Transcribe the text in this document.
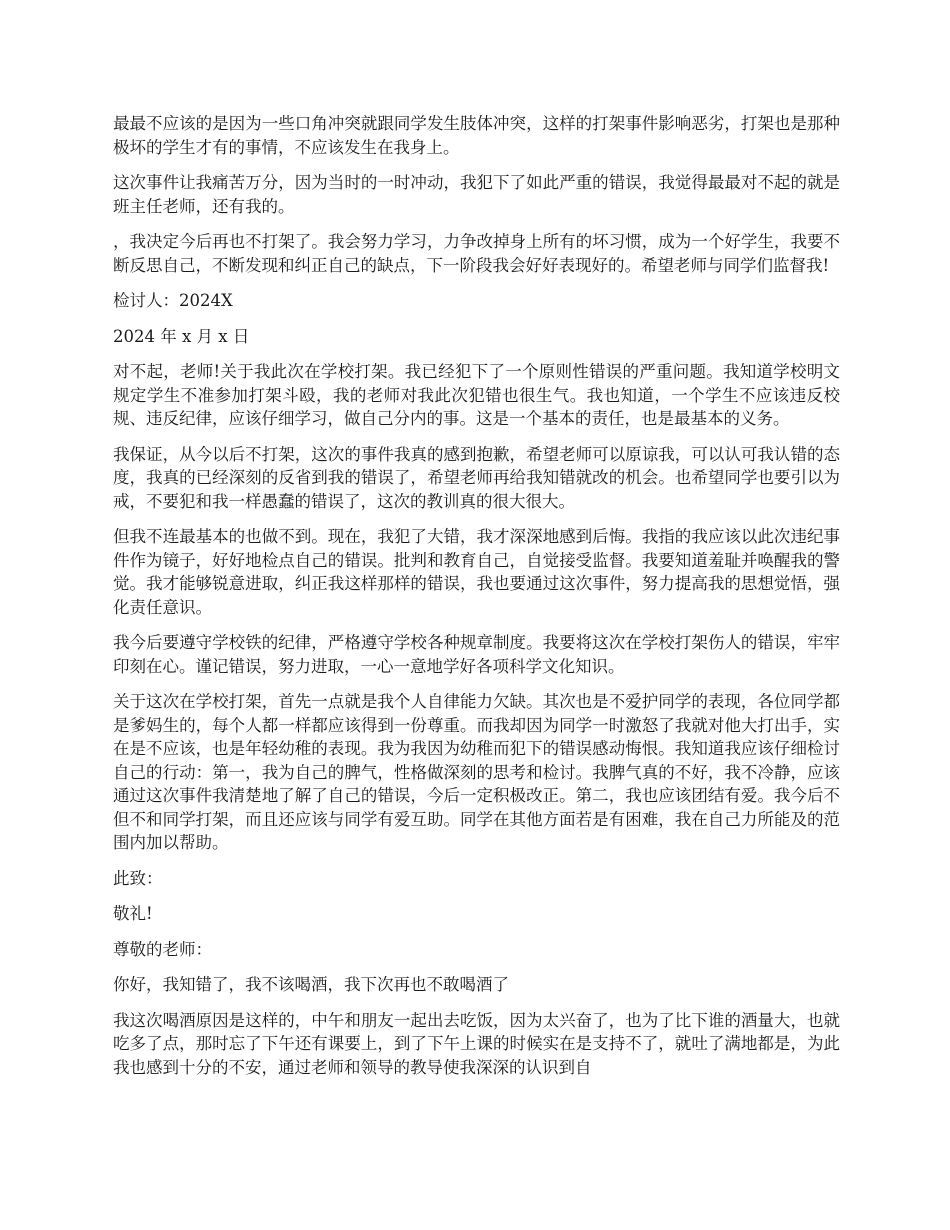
最最不应该的是因为一些口角冲突就跟同学发生肢体冲突，这样的打架事件影响恶劣，打架也是那种极坏的学生才有的事情，不应该发生在我身上。

这次事件让我痛苦万分，因为当时的一时冲动，我犯下了如此严重的错误，我觉得最最对不起的就是班主任老师，还有我的。

，我决定今后再也不打架了。我会努力学习，力争改掉身上所有的坏习惯，成为一个好学生，我要不断反思自己，不断发现和纠正自己的缺点，下一阶段我会好好表现好的。希望老师与同学们监督我!

检讨人：2024X

2024 年 x 月 x 日

对不起，老师!关于我此次在学校打架。我已经犯下了一个原则性错误的严重问题。我知道学校明文规定学生不准参加打架斗殴，我的老师对我此次犯错也很生气。我也知道，一个学生不应该违反校规、违反纪律，应该仔细学习，做自己分内的事。这是一个基本的责任，也是最基本的义务。

我保证，从今以后不打架，这次的事件我真的感到抱歉，希望老师可以原谅我，可以认可我认错的态度，我真的已经深刻的反省到我的错误了，希望老师再给我知错就改的机会。也希望同学也要引以为戒，不要犯和我一样愚蠢的错误了，这次的教训真的很大很大。

但我不连最基本的也做不到。现在，我犯了大错，我才深深地感到后悔。我指的我应该以此次违纪事件作为镜子，好好地检点自己的错误。批判和教育自己，自觉接受监督。我要知道羞耻并唤醒我的警觉。我才能够锐意进取，纠正我这样那样的错误，我也要通过这次事件，努力提高我的思想觉悟，强化责任意识。

我今后要遵守学校铁的纪律，严格遵守学校各种规章制度。我要将这次在学校打架伤人的错误，牢牢印刻在心。谨记错误，努力进取，一心一意地学好各项科学文化知识。

关于这次在学校打架，首先一点就是我个人自律能力欠缺。其次也是不爱护同学的表现，各位同学都是爹妈生的，每个人都一样都应该得到一份尊重。而我却因为同学一时激怒了我就对他大打出手，实在是不应该，也是年轻幼稚的表现。我为我因为幼稚而犯下的错误感动悔恨。我知道我应该仔细检讨自己的行动：第一，我为自己的脾气，性格做深刻的思考和检讨。我脾气真的不好，我不冷静，应该通过这次事件我清楚地了解了自己的错误，今后一定积极改正。第二，我也应该团结有爱。我今后不但不和同学打架，而且还应该与同学有爱互助。同学在其他方面若是有困难，我在自己力所能及的范围内加以帮助。

此致：

敬礼!

尊敬的老师：

你好，我知错了，我不该喝酒，我下次再也不敢喝酒了

我这次喝酒原因是这样的，中午和朋友一起出去吃饭，因为太兴奋了，也为了比下谁的酒量大，也就吃多了点，那时忘了下午还有课要上，到了下午上课的时候实在是支持不了，就吐了满地都是，为此我也感到十分的不安，通过老师和领导的教导使我深深的认识到自
